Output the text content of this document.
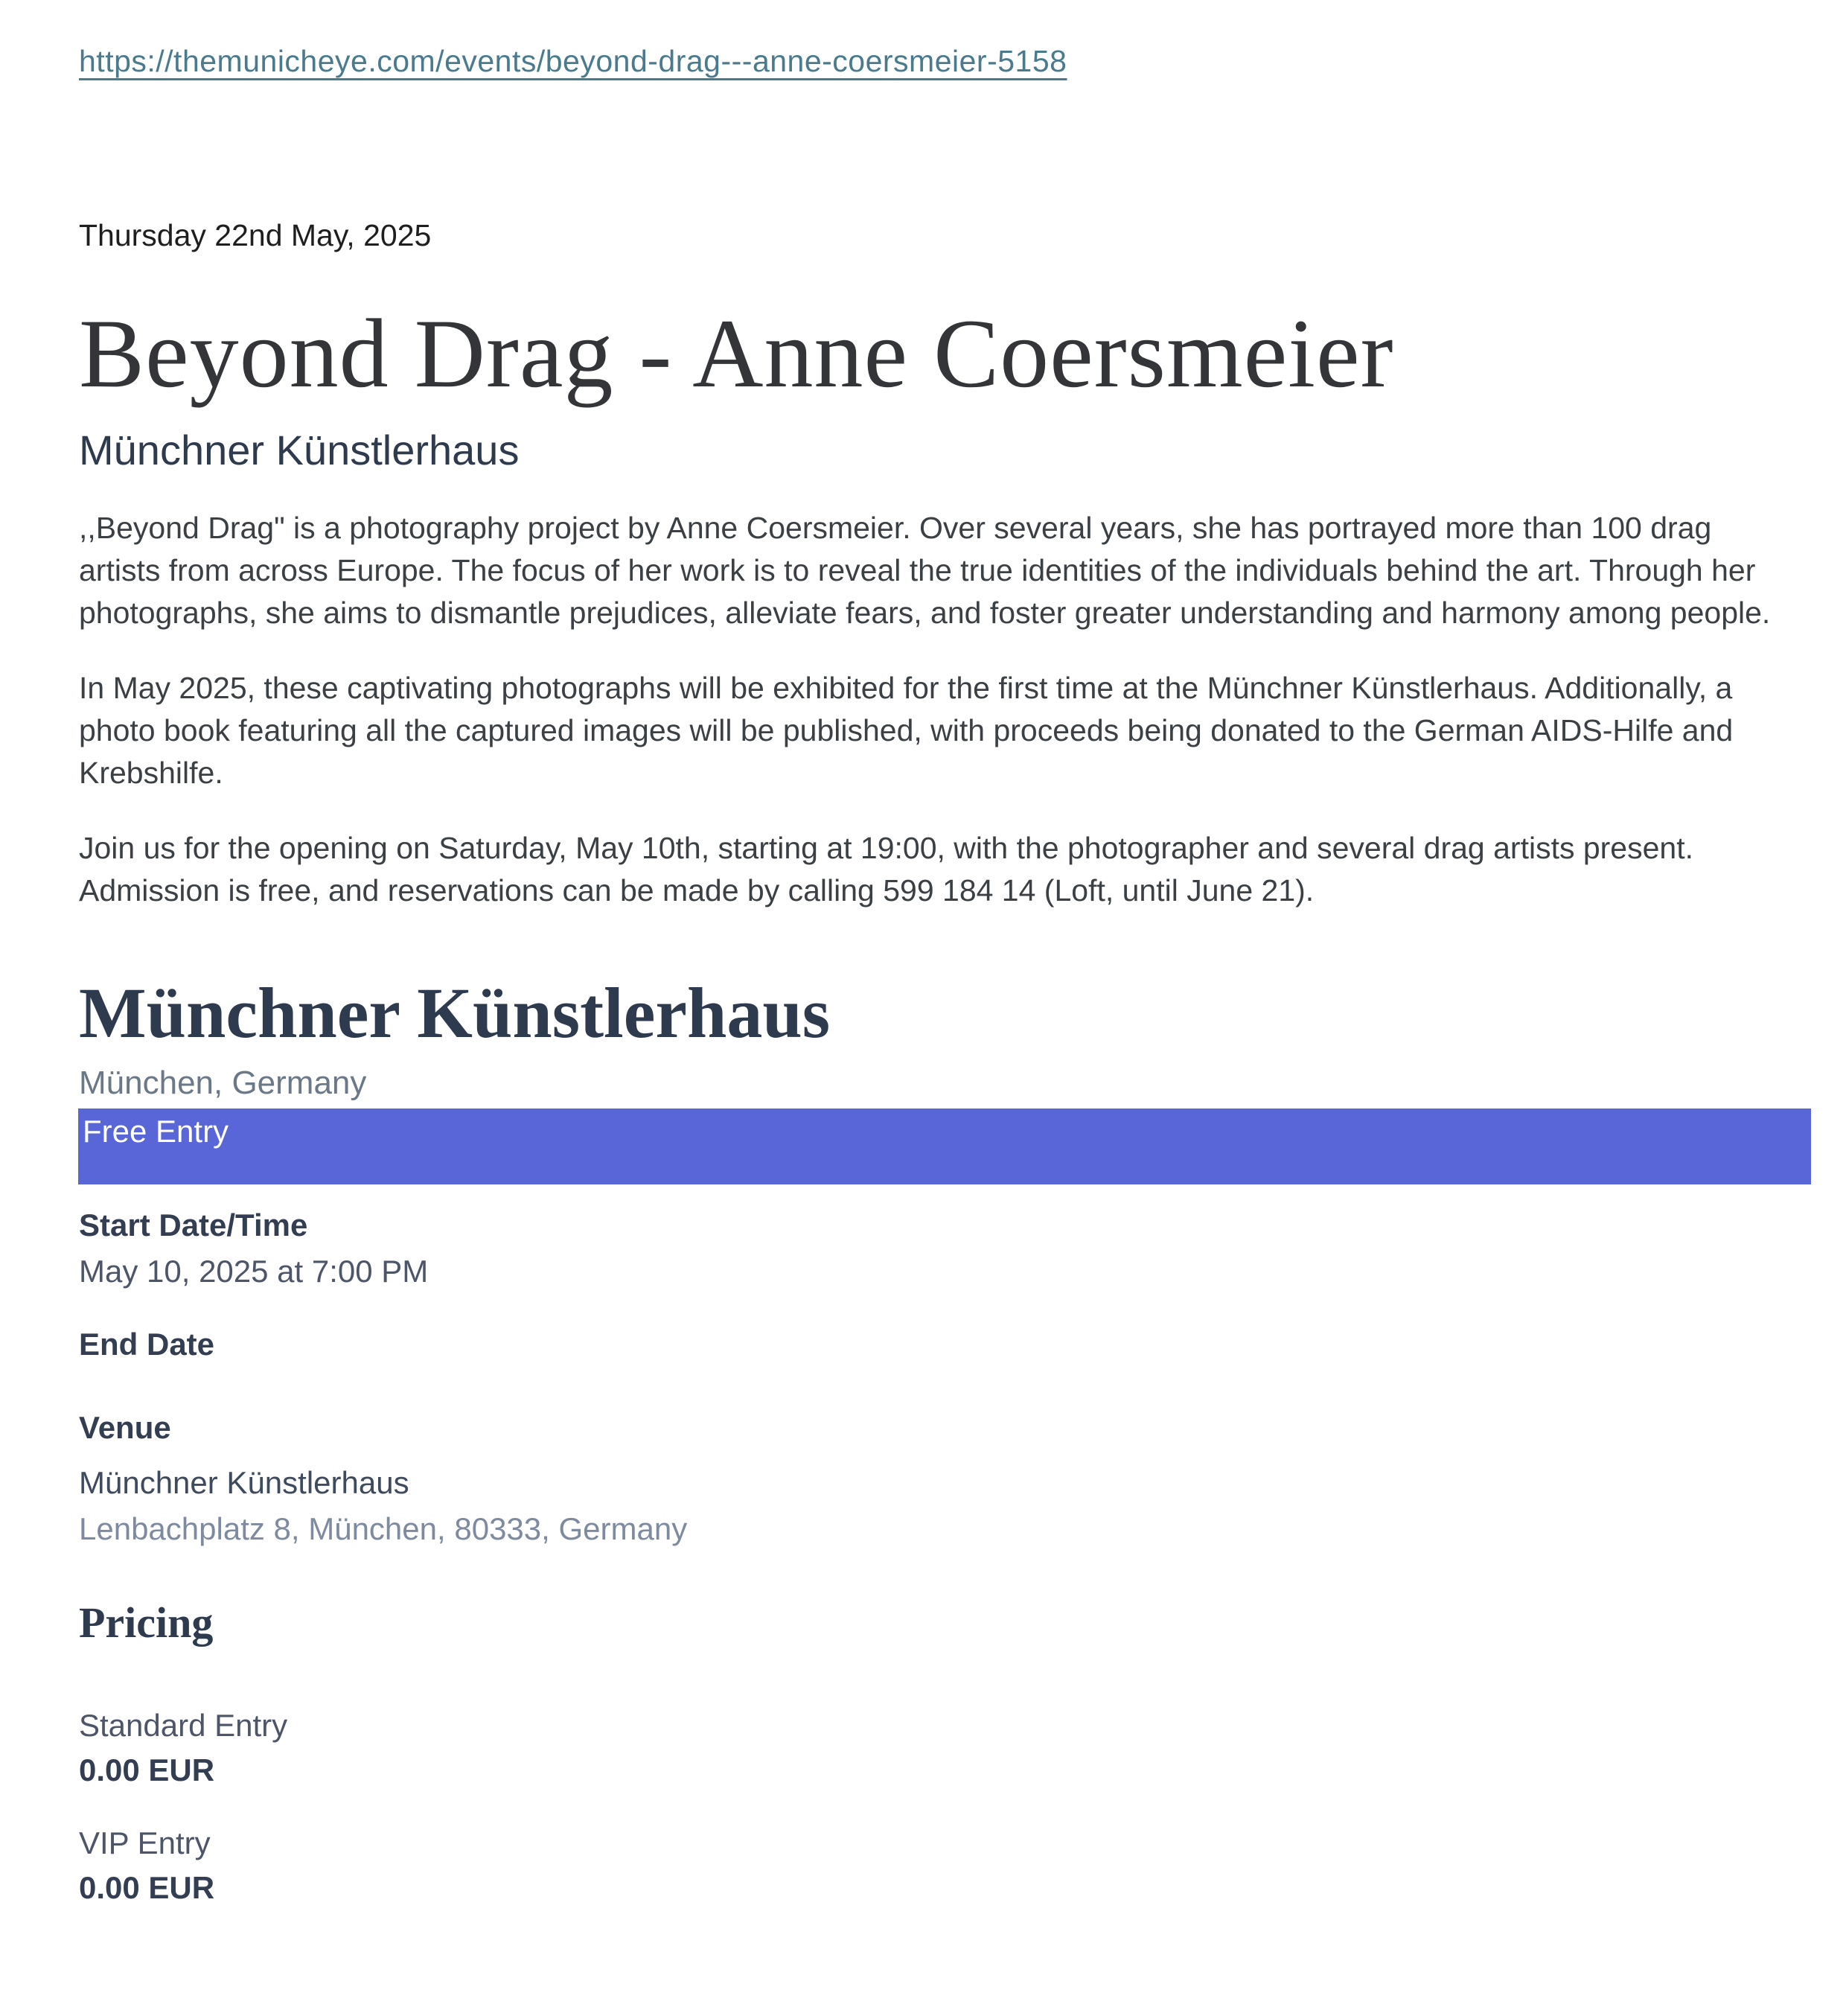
https://themunicheye.com/events/beyond-drag---anne-coersmeier-5158
Thursday 22nd May, 2025
Beyond Drag - Anne Coersmeier
Münchner Künstlerhaus

,,Beyond Drag" is a photography project by Anne Coersmeier. Over several years, she has portrayed more than 100 drag artists from across Europe. The focus of her work is to reveal the true identities of the individuals behind the art. Through her photographs, she aims to dismantle prejudices, alleviate fears, and foster greater understanding and harmony among people.

In May 2025, these captivating photographs will be exhibited for the first time at the Münchner Künstlerhaus. Additionally, a photo book featuring all the captured images will be published, with proceeds being donated to the German AIDS-Hilfe and Krebshilfe.

Join us for the opening on Saturday, May 10th, starting at 19:00, with the photographer and several drag artists present. Admission is free, and reservations can be made by calling 599 184 14 (Loft, until June 21).

Münchner Künstlerhaus
München, Germany
Free Entry
Start Date/Time
May 10, 2025 at 7:00 PM
End Date
Venue
Münchner Künstlerhaus
Lenbachplatz 8, München, 80333, Germany
Pricing
Standard Entry
0.00 EUR
VIP Entry
0.00 EUR
